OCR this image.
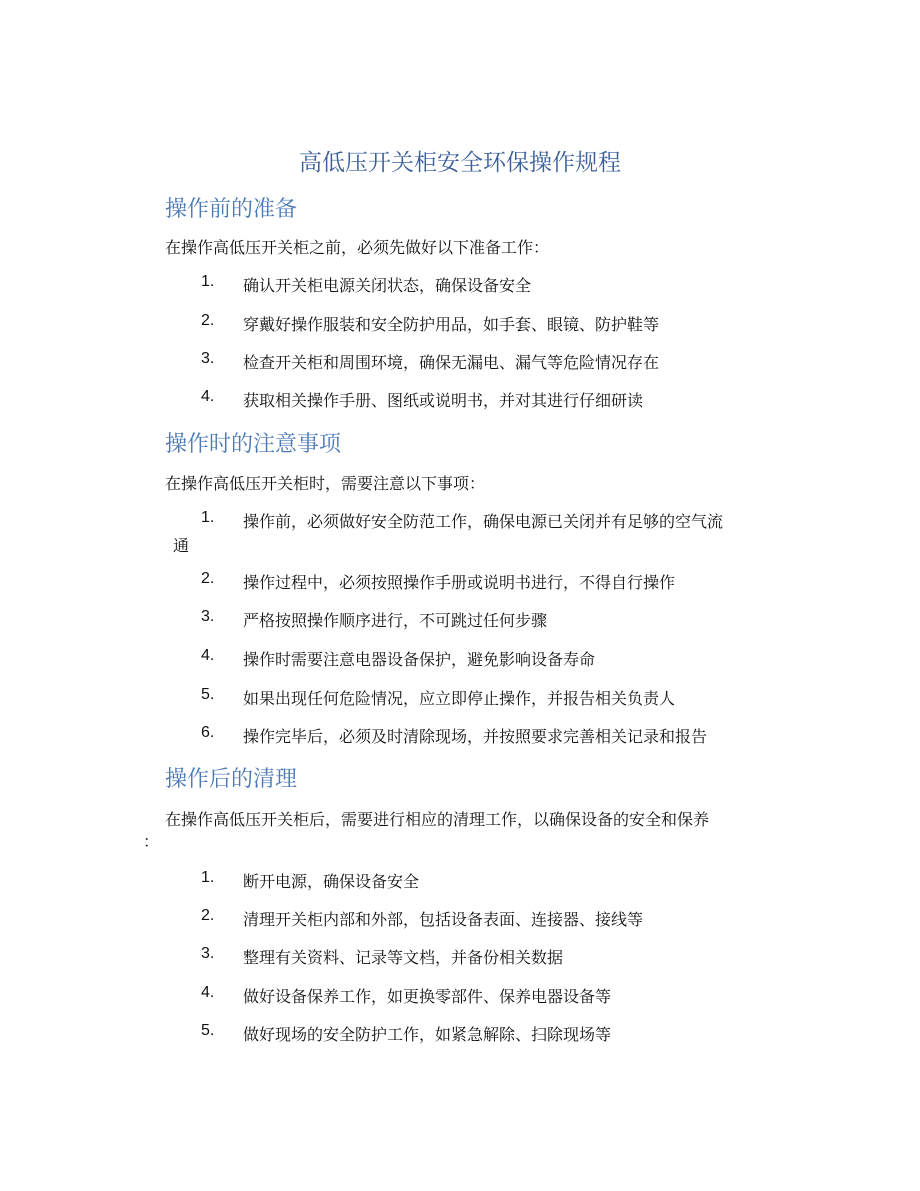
高低压开关柜安全环保操作规程
操作前的准备
在操作高低压开关柜之前，必须先做好以下准备工作：
1. 确认开关柜电源关闭状态，确保设备安全
2. 穿戴好操作服装和安全防护用品，如手套、眼镜、防护鞋等
3. 检查开关柜和周围环境，确保无漏电、漏气等危险情况存在
4. 获取相关操作手册、图纸或说明书，并对其进行仔细研读
操作时的注意事项
在操作高低压开关柜时，需要注意以下事项：
1. 操作前，必须做好安全防范工作，确保电源已关闭并有足够的空气流
通
2. 操作过程中，必须按照操作手册或说明书进行，不得自行操作
3. 严格按照操作顺序进行，不可跳过任何步骤
4. 操作时需要注意电器设备保护，避免影响设备寿命
5. 如果出现任何危险情况，应立即停止操作，并报告相关负责人
6. 操作完毕后，必须及时清除现场，并按照要求完善相关记录和报告
操作后的清理
在操作高低压开关柜后，需要进行相应的清理工作，以确保设备的安全和保养
：
1. 断开电源，确保设备安全
2. 清理开关柜内部和外部，包括设备表面、连接器、接线等
3. 整理有关资料、记录等文档，并备份相关数据
4. 做好设备保养工作，如更换零部件、保养电器设备等
5. 做好现场的安全防护工作，如紧急解除、扫除现场等
